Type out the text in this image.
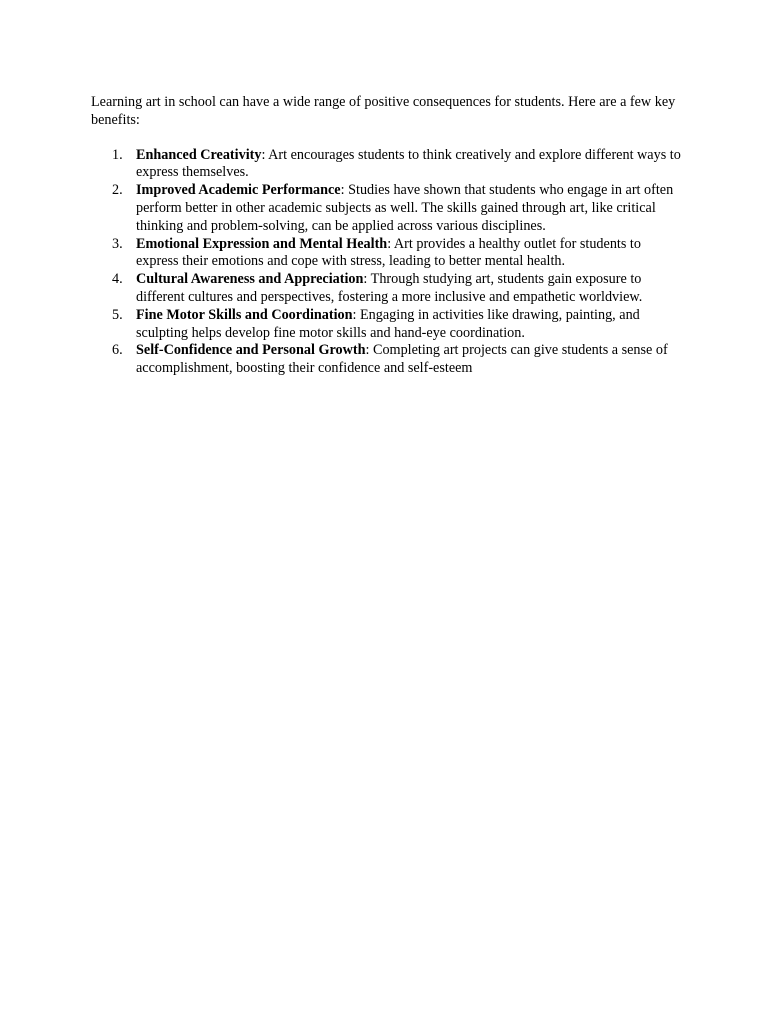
Learning art in school can have a wide range of positive consequences for students. Here are a few key benefits:

1. Enhanced Creativity: Art encourages students to think creatively and explore different ways to express themselves.
2. Improved Academic Performance: Studies have shown that students who engage in art often perform better in other academic subjects as well. The skills gained through art, like critical thinking and problem-solving, can be applied across various disciplines.
3. Emotional Expression and Mental Health: Art provides a healthy outlet for students to express their emotions and cope with stress, leading to better mental health.
4. Cultural Awareness and Appreciation: Through studying art, students gain exposure to different cultures and perspectives, fostering a more inclusive and empathetic worldview.
5. Fine Motor Skills and Coordination: Engaging in activities like drawing, painting, and sculpting helps develop fine motor skills and hand-eye coordination.
6. Self-Confidence and Personal Growth: Completing art projects can give students a sense of accomplishment, boosting their confidence and self-esteem
